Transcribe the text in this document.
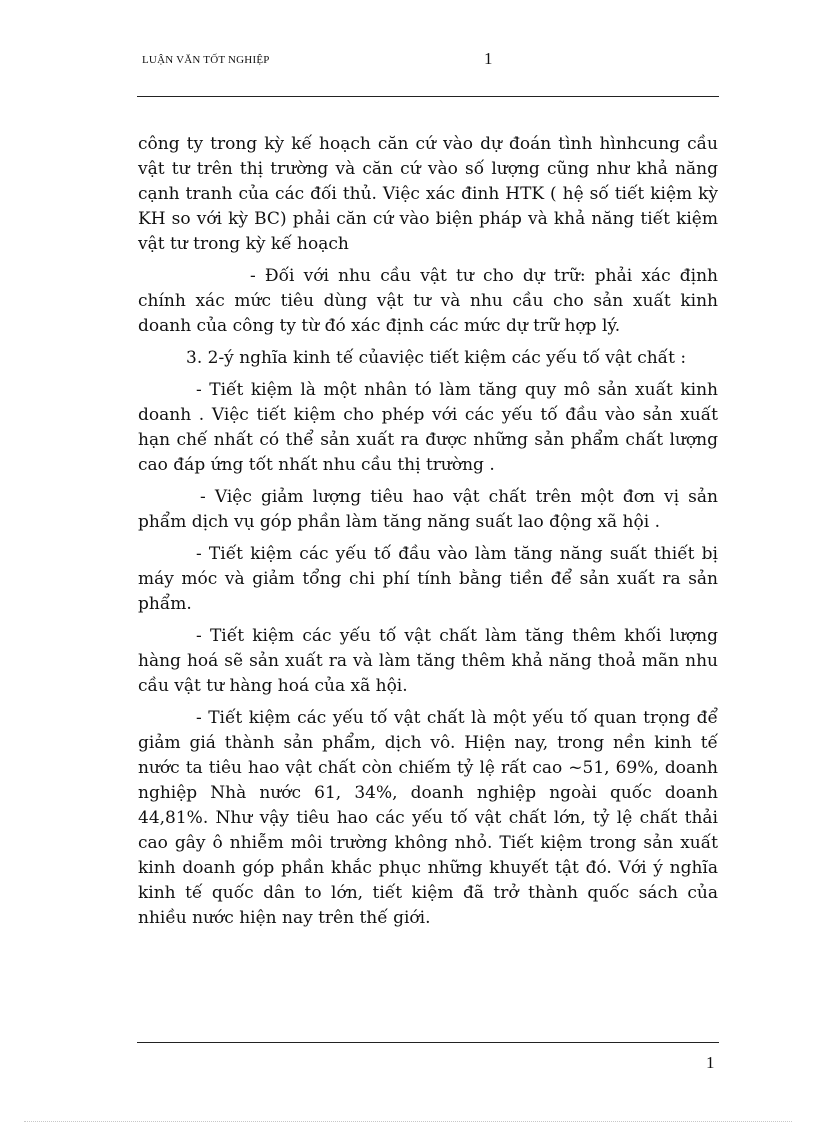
LUẬN VĂN TỐT NGHIỆP	1

công ty trong kỳ kế hoạch căn cứ vào dự đoán tình hìnhcung cầu vật tư trên thị trường và căn cứ vào số lượng cũng như khả năng cạnh tranh của các đối thủ. Việc xác đinh HTK ( hệ số tiết kiệm kỳ KH so với kỳ BC) phải căn cứ vào biện pháp và khả năng tiết kiệm vật tư trong kỳ kế hoạch

- Đối với nhu cầu vật tư cho dự trữ: phải xác định chính xác mức tiêu dùng vật tư và nhu cầu cho sản xuất kinh doanh của công ty từ đó xác định các mức dự trữ hợp lý.

3. 2-ý nghĩa kinh tế củaviệc tiết kiệm các yếu tố vật chất :

- Tiết kiệm là một nhân tó làm tăng quy mô sản xuất kinh doanh . Việc tiết kiệm cho phép với các yếu tố đầu vào sản xuất hạn chế nhất có thể sản xuất ra được những sản phẩm chất lượng cao đáp ứng tốt nhất nhu cầu thị trường .

- Việc giảm lượng tiêu hao vật chất trên một đơn vị sản phẩm dịch vụ góp phần làm tăng năng suất lao động xã hội .

- Tiết kiệm các yếu tố đầu vào làm tăng năng suất thiết bị máy móc và giảm tổng chi phí tính bằng tiền để sản xuất ra sản phẩm.

- Tiết kiệm các yếu tố vật chất làm tăng thêm khối lượng hàng hoá sẽ sản xuất ra và làm tăng thêm khả năng thoả mãn nhu cầu vật tư hàng hoá của xã hội.

- Tiết kiệm các yếu tố vật chất là một yếu tố quan trọng để giảm giá thành sản phẩm, dịch vô. Hiện nay, trong nền kinh tế nước ta tiêu hao vật chất còn chiếm tỷ lệ rất cao ~51, 69%, doanh nghiệp Nhà nước 61, 34%, doanh nghiệp ngoài quốc doanh 44,81%. Như vậy tiêu hao các yếu tố vật chất lớn, tỷ lệ chất thải cao gây ô nhiễm môi trường không nhỏ. Tiết kiệm trong sản xuất kinh doanh góp phần khắc phục những khuyết tật đó. Với ý nghĩa kinh tế quốc dân to lớn, tiết kiệm đã trở thành quốc sách của nhiều nước hiện nay trên thế giới.

1
